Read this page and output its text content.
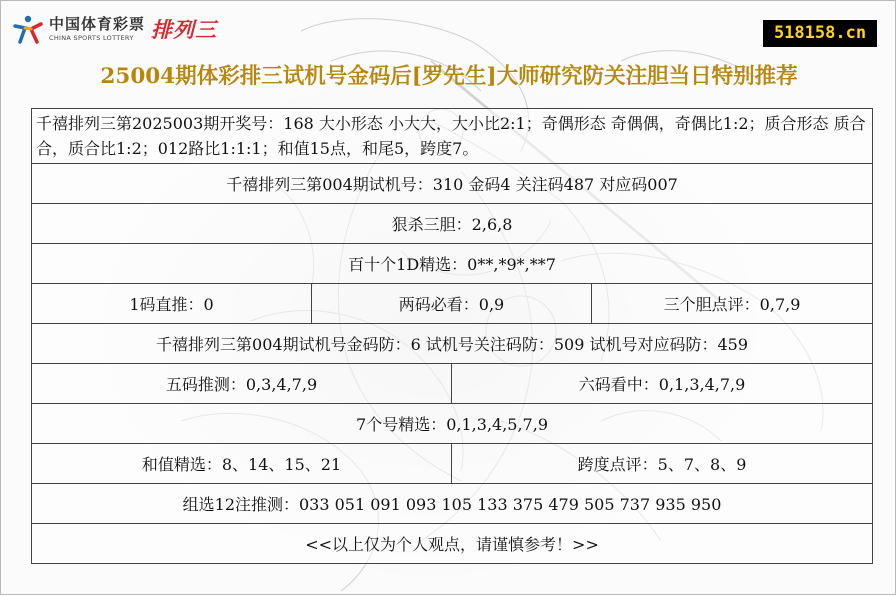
中国体育彩票
CHINA SPORTS LOTTERY 排列三	518158.cn
25004期体彩排三试机号金码后[罗先生]大师研究防关注胆当日特别推荐
千禧排列三第2025003期开奖号：168 大小形态 小大大，大小比2:1；奇偶形态 奇偶偶，奇偶比1:2；质合形态 质合合，质合比1:2；012路比1:1:1；和值15点，和尾5，跨度7。			
千禧排列三第004期试机号：310 金码4 关注码487 对应码007			
狠杀三胆：2,6,8			
百十个1D精选：0**,*9*,**7			
1码直推：0	两码必看：0,9		三个胆点评：0,7,9
千禧排列三第004期试机号金码防：6 试机号关注码防：509 试机号对应码防：459			
五码推测：0,3,4,7,9		六码看中：0,1,3,4,7,9	
7个号精选：0,1,3,4,5,7,9			
和值精选：8、14、15、21		跨度点评：5、7、8、9	
组选12注推测：033 051 091 093 105 133 375 479 505 737 935 950			
<<以上仅为个人观点，请谨慎参考！>>			
